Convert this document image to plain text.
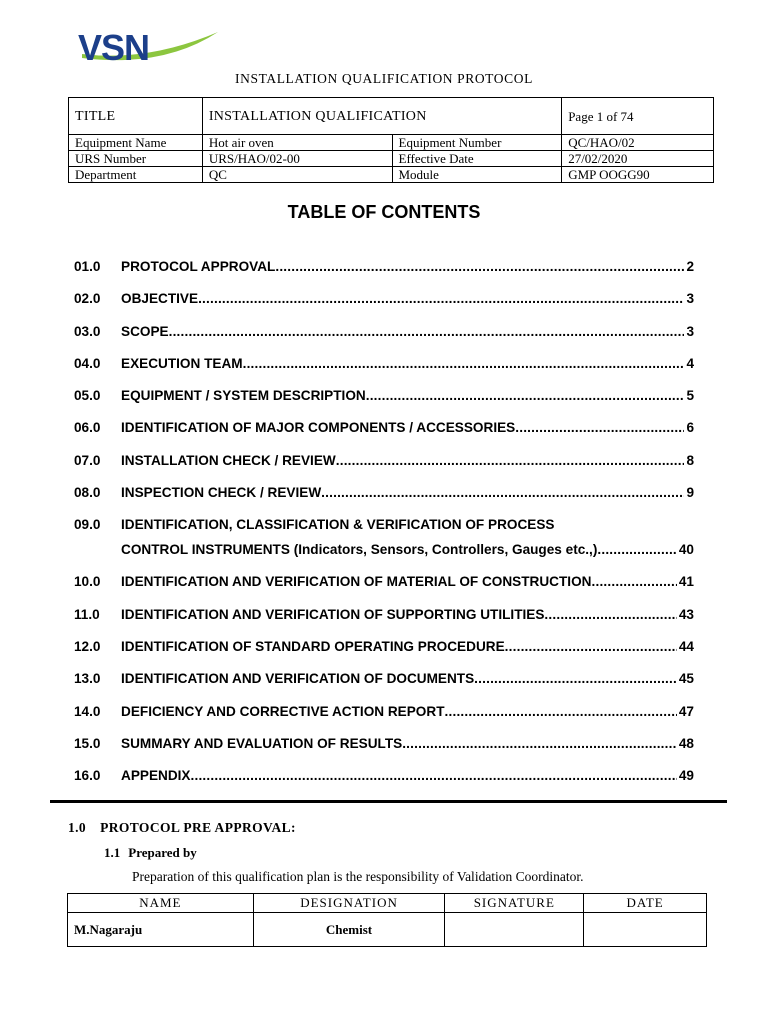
VSN
INSTALLATION QUALIFICATION PROTOCOL
TITLE	INSTALLATION QUALIFICATION		Page 1 of 74
Equipment Name	Hot air oven	Equipment Number	QC/HAO/02
URS Number	URS/HAO/02-00	Effective Date	27/02/2020
Department	QC	Module	GMP OOGG90
TABLE OF CONTENTS
01.0	PROTOCOL APPROVAL .....	2
02.0	OBJECTIVE .....	3
03.0	SCOPE .....	3
04.0	EXECUTION TEAM .....	4
05.0	EQUIPMENT / SYSTEM DESCRIPTION .....	5
06.0	IDENTIFICATION OF MAJOR COMPONENTS / ACCESSORIES .....	6
07.0	INSTALLATION CHECK / REVIEW .....	8
08.0	INSPECTION CHECK / REVIEW .....	9
09.0	IDENTIFICATION, CLASSIFICATION & VERIFICATION OF PROCESS
CONTROL INSTRUMENTS (Indicators, Sensors, Controllers, Gauges etc.,) .....	40
10.0	IDENTIFICATION AND VERIFICATION OF MATERIAL OF CONSTRUCTION .....	41
11.0	IDENTIFICATION AND VERIFICATION OF SUPPORTING UTILITIES .....	43
12.0	IDENTIFICATION OF STANDARD OPERATING PROCEDURE .....	44
13.0	IDENTIFICATION AND VERIFICATION OF DOCUMENTS .....	45
14.0	DEFICIENCY AND CORRECTIVE ACTION REPORT .....	47
15.0	SUMMARY AND EVALUATION OF RESULTS .....	48
16.0	APPENDIX .....	49
1.0 PROTOCOL PRE APPROVAL:
1.1 Prepared by
Preparation of this qualification plan is the responsibility of Validation Coordinator.
NAME	DESIGNATION	SIGNATURE	DATE
M.Nagaraju	Chemist		
